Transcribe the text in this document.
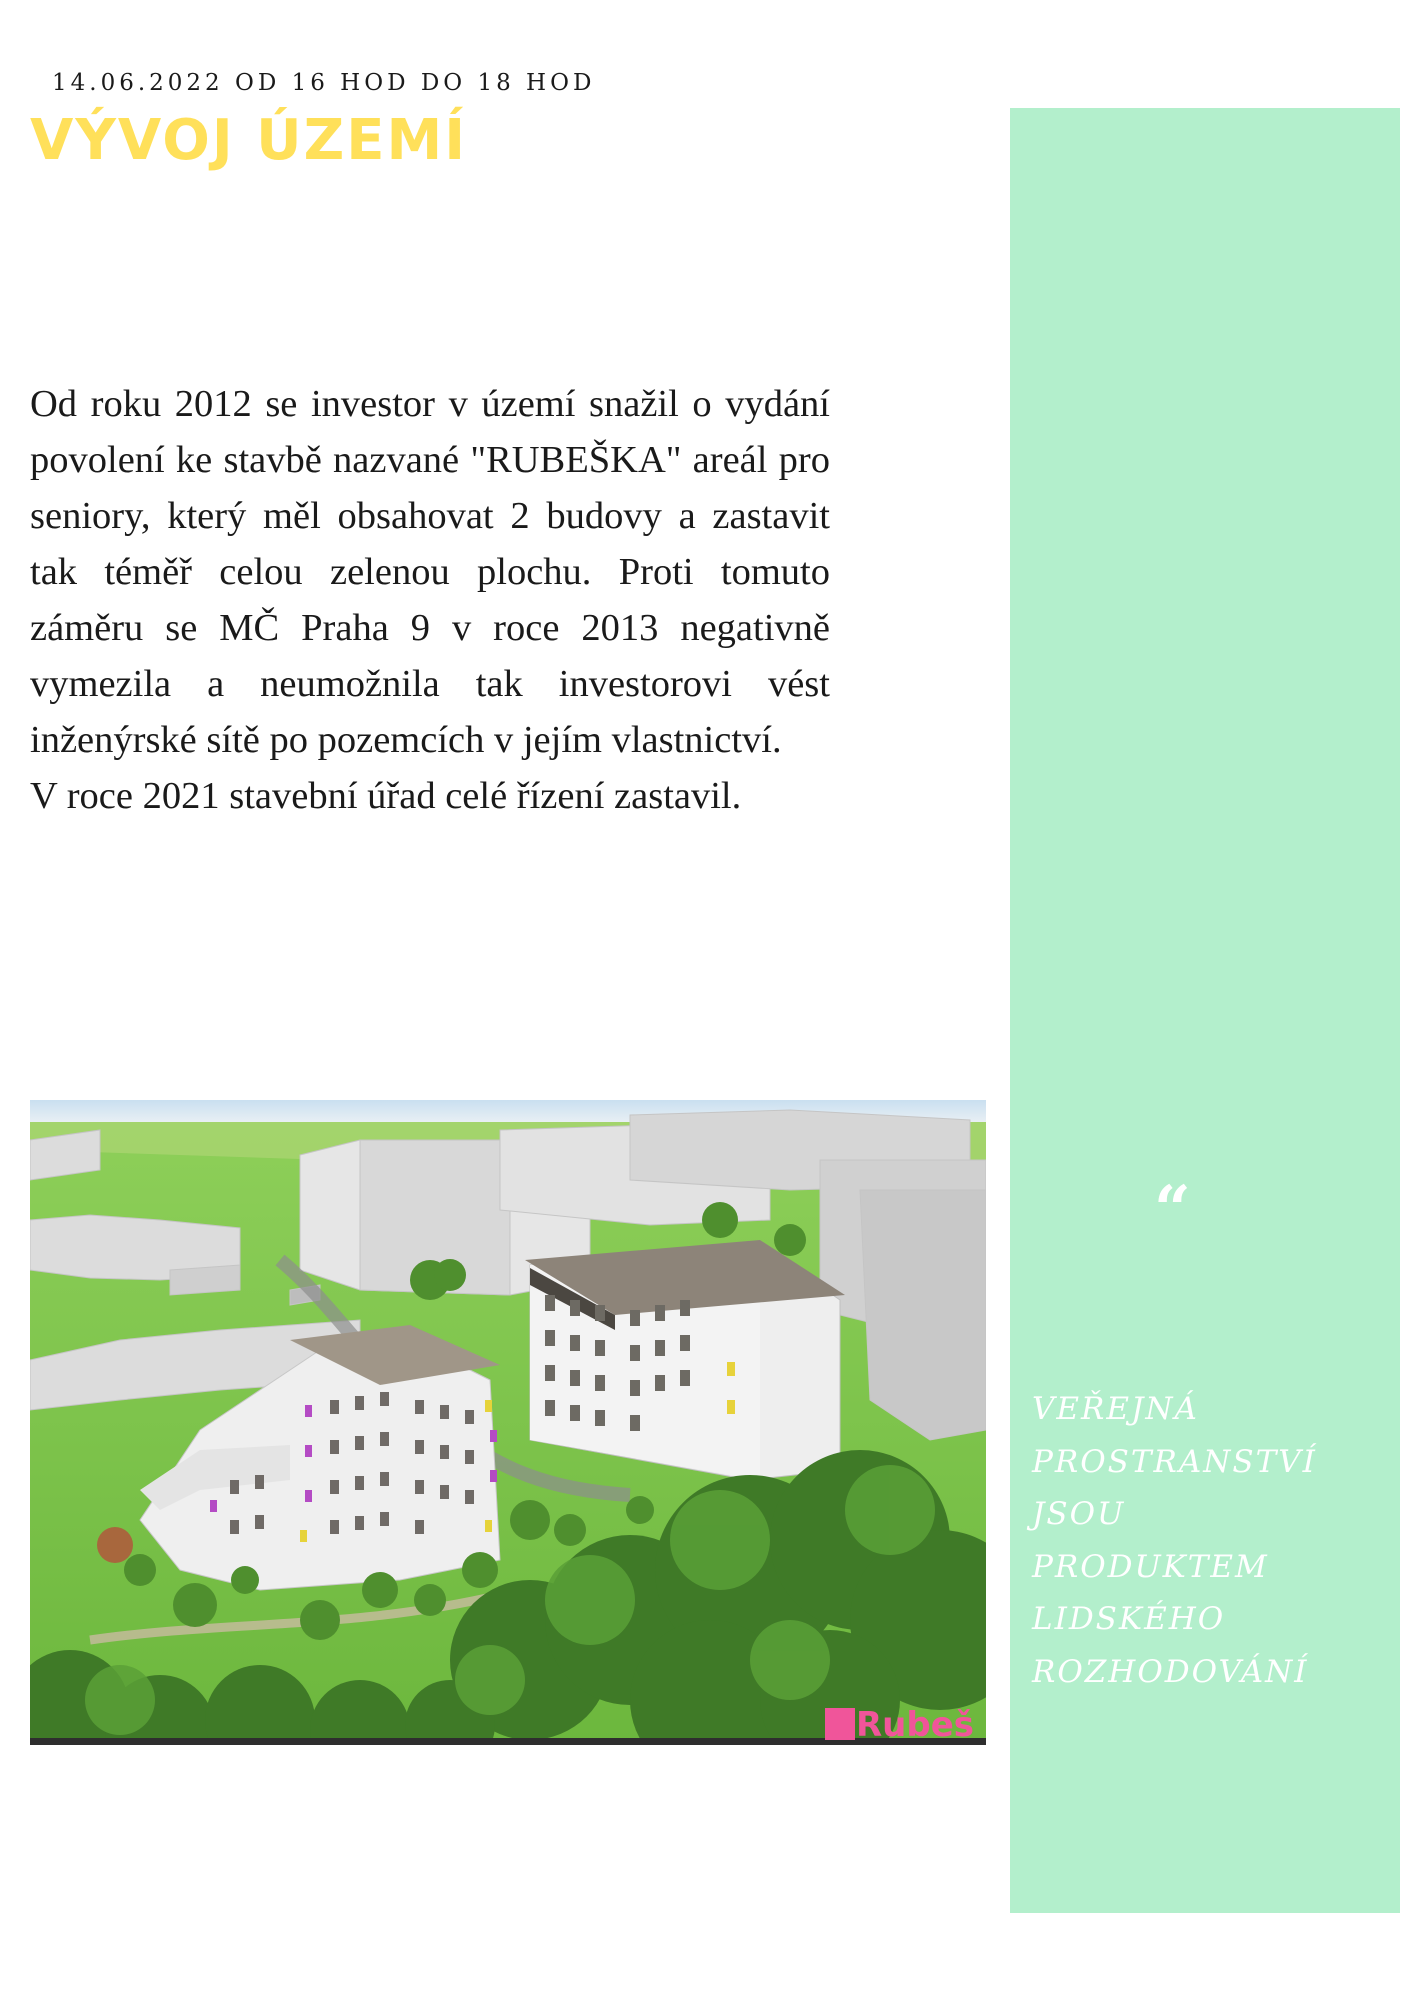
14.06.2022 OD 16 HOD DO 18 HOD
VÝVOJ ÚZEMÍ

Od roku 2012 se investor v území snažil o vydání povolení ke stavbě nazvané "RUBEŠKA" areál pro seniory, který měl obsahovat 2 budovy a zastavit tak téměř celou zelenou plochu. Proti tomuto záměru se MČ Praha 9 v roce 2013 negativně vymezila a neumožnila tak investorovi vést inženýrské sítě po pozemcích v jejím vlastnictví.

V roce 2021 stavební úřad celé řízení zastavil.

Rubeš
“

VEŘEJNÁ
PROSTRANSTVÍ
JSOU
PRODUKTEM
LIDSKÉHO
ROZHODOVÁNÍ
